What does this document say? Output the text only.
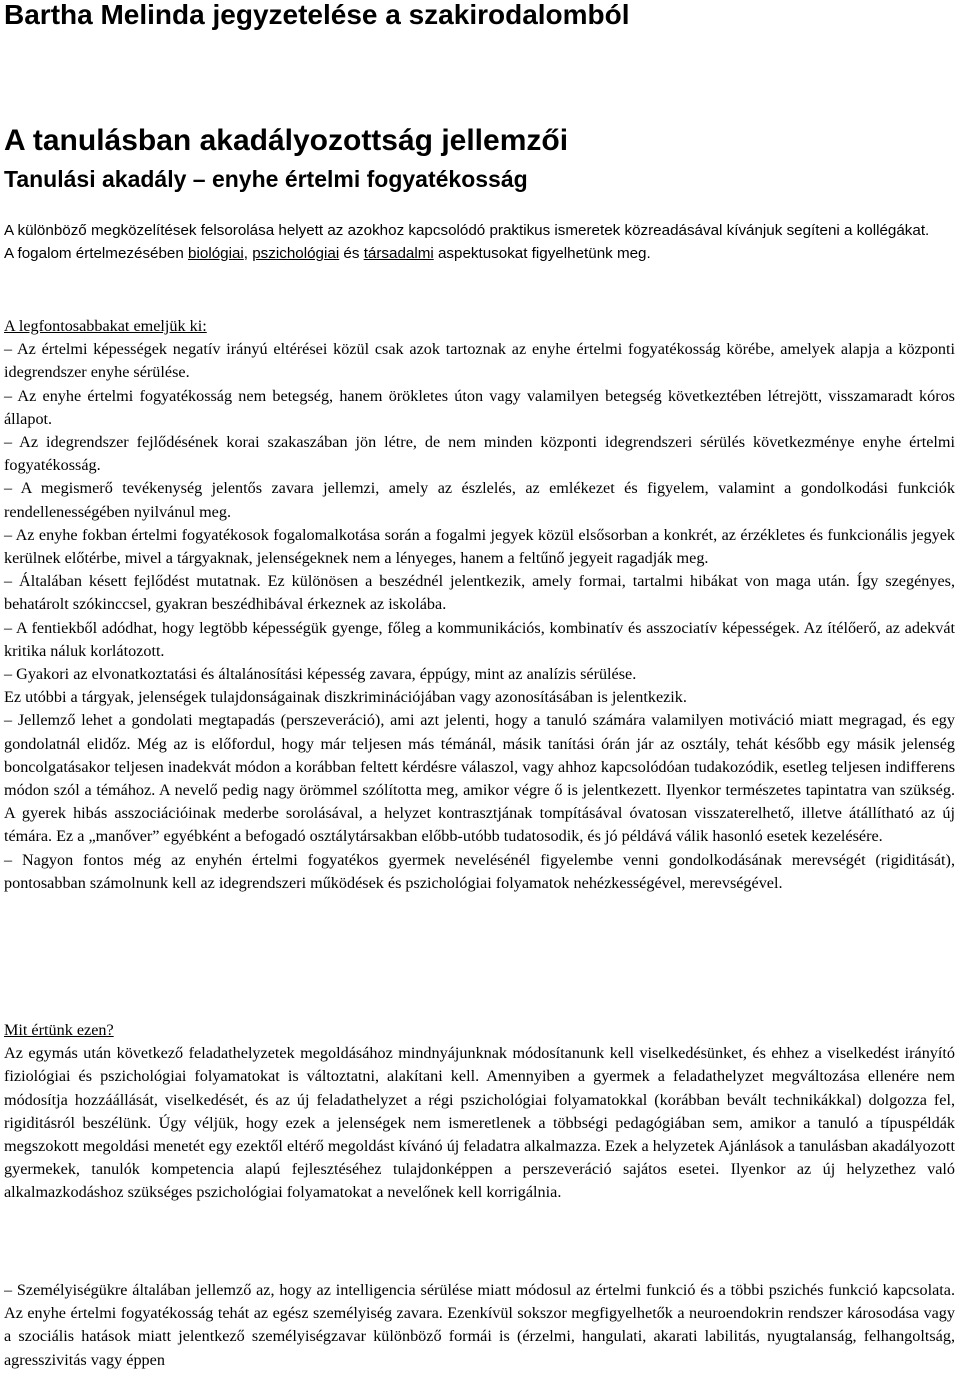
Bartha Melinda jegyzetelése a szakirodalomból
A tanulásban akadályozottság jellemzői
Tanulási akadály – enyhe értelmi fogyatékosság

A különböző megközelítések felsorolása helyett az azokhoz kapcsolódó praktikus ismeretek közreadásával kívánjuk segíteni a kollégákat.

A fogalom értelmezésében biológiai, pszichológiai és társadalmi aspektusokat figyelhetünk meg.

A legfontosabbakat emeljük ki:

– Az értelmi képességek negatív irányú eltérései közül csak azok tartoznak az enyhe értelmi fogyatékosság körébe, amelyek alapja a központi idegrendszer enyhe sérülése.

– Az enyhe értelmi fogyatékosság nem betegség, hanem örökletes úton vagy valamilyen betegség következtében létrejött, visszamaradt kóros állapot.

– Az idegrendszer fejlődésének korai szakaszában jön létre, de nem minden központi idegrendszeri sérülés következménye enyhe értelmi fogyatékosság.

– A megismerő tevékenység jelentős zavara jellemzi, amely az észlelés, az emlékezet és figyelem, valamint a gondolkodási funkciók rendellenességében nyilvánul meg.

– Az enyhe fokban értelmi fogyatékosok fogalomalkotása során a fogalmi jegyek közül elsősorban a konkrét, az érzékletes és funkcionális jegyek kerülnek előtérbe, mivel a tárgyaknak, jelenségeknek nem a lényeges, hanem a feltűnő jegyeit ragadják meg.

– Általában késett fejlődést mutatnak. Ez különösen a beszédnél jelentkezik, amely formai, tartalmi hibákat von maga után. Így szegényes, behatárolt szókinccsel, gyakran beszédhibával érkeznek az iskolába.

– A fentiekből adódhat, hogy legtöbb képességük gyenge, főleg a kommunikációs, kombinatív és asszociatív képességek. Az ítélőerő, az adekvát kritika náluk korlátozott.

– Gyakori az elvonatkoztatási és általánosítási képesség zavara, éppúgy, mint az analízis sérülése.

Ez utóbbi a tárgyak, jelenségek tulajdonságainak diszkriminációjában vagy azonosításában is jelentkezik.

– Jellemző lehet a gondolati megtapadás (perszeveráció), ami azt jelenti, hogy a tanuló számára valamilyen motiváció miatt megragad, és egy gondolatnál elidőz. Még az is előfordul, hogy már teljesen más témánál, másik tanítási órán jár az osztály, tehát később egy másik jelenség boncolgatásakor teljesen inadekvát módon a korábban feltett kérdésre válaszol, vagy ahhoz kapcsolódóan tudakozódik, esetleg teljesen indifferens módon szól a témához. A nevelő pedig nagy örömmel szólította meg, amikor végre ő is jelentkezett. Ilyenkor természetes tapintatra van szükség. A gyerek hibás asszociációinak mederbe sorolásával, a helyzet kontrasztjának tompításával óvatosan visszaterelhető, illetve átállítható az új témára. Ez a „manőver” egyébként a befogadó osztálytársakban előbb-utóbb tudatosodik, és jó példává válik hasonló esetek kezelésére.

– Nagyon fontos még az enyhén értelmi fogyatékos gyermek nevelésénél figyelembe venni gondolkodásának merevségét (rigiditását), pontosabban számolnunk kell az idegrendszeri működések és pszichológiai folyamatok nehézkességével, merevségével.

Mit értünk ezen?

Az egymás után következő feladathelyzetek megoldásához mindnyájunknak módosítanunk kell viselkedésünket, és ehhez a viselkedést irányító fiziológiai és pszichológiai folyamatokat is változtatni, alakítani kell. Amennyiben a gyermek a feladathelyzet megváltozása ellenére nem módosítja hozzáállását, viselkedését, és az új feladathelyzet a régi pszichológiai folyamatokkal (korábban bevált technikákkal) dolgozza fel, rigiditásról beszélünk. Úgy véljük, hogy ezek a jelenségek nem ismeretlenek a többségi pedagógiában sem, amikor a tanuló a típuspéldák megszokott megoldási menetét egy ezektől eltérő megoldást kívánó új feladatra alkalmazza. Ezek a helyzetek Ajánlások a tanulásban akadályozott gyermekek, tanulók kompetencia alapú fejlesztéséhez tulajdonképpen a perszeveráció sajátos esetei. Ilyenkor az új helyzethez való alkalmazkodáshoz szükséges pszichológiai folyamatokat a nevelőnek kell korrigálnia.

– Személyiségükre általában jellemző az, hogy az intelligencia sérülése miatt módosul az értelmi funkció és a többi pszichés funkció kapcsolata. Az enyhe értelmi fogyatékosság tehát az egész személyiség zavara. Ezenkívül sokszor megfigyelhetők a neuroendokrin rendszer károsodása vagy a szociális hatások miatt jelentkező személyiségzavar különböző formái is (érzelmi, hangulati, akarati labilitás, nyugtalanság, felhangoltság, agresszivitás vagy éppen
